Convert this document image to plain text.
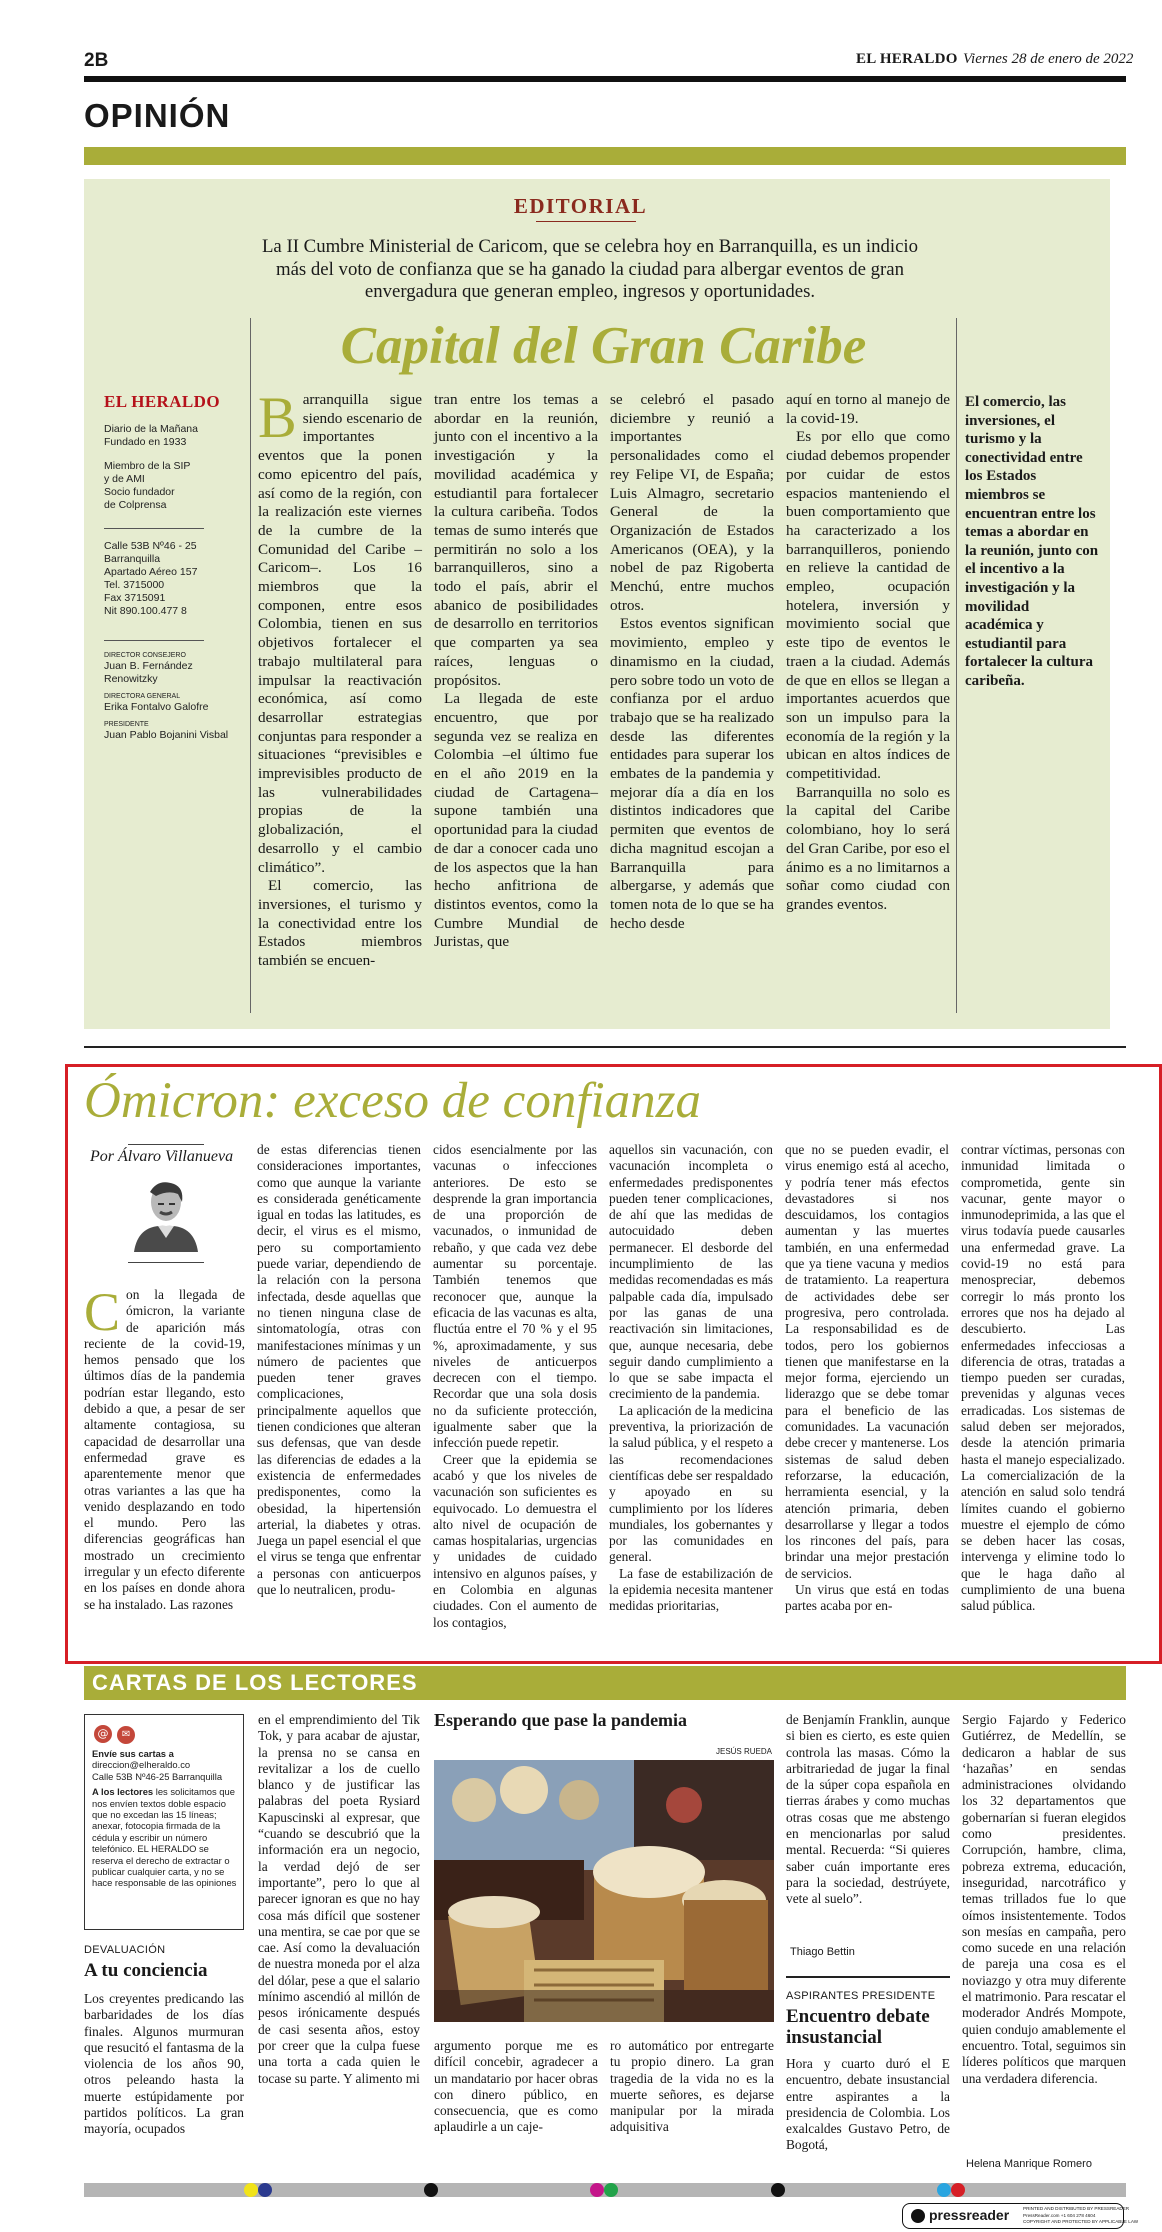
2B	EL HERALDO Viernes 28 de enero de 2022
OPINIÓN
EDITORIAL
La II Cumbre Ministerial de Caricom, que se celebra hoy en Barranquilla, es un indicio más del voto de confianza que se ha ganado la ciudad para albergar eventos de gran envergadura que generan empleo, ingresos y oportunidades.
Capital del Gran Caribe
EL HERALDO
Diario de la Mañana
Fundado en 1933
Miembro de la SIP
y de AMI
Socio fundador
de Colprensa
Calle 53B Nº46 - 25
Barranquilla
Apartado Aéreo 157
Tel. 3715000
Fax 3715091
Nit 890.100.477 8
DIRECTOR CONSEJERO
Juan B. Fernández Renowitzky
DIRECTORA GENERAL
Erika Fontalvo Galofre
PRESIDENTE
Juan Pablo Bojanini Visbal
B arranquilla sigue siendo escenario de importantes eventos que la ponen como epicentro del país, así como de la región, con la realización este viernes de la cumbre de la Comunidad del Caribe –Caricom–. Los 16 miembros que la componen, entre esos Colombia, tienen en sus objetivos fortalecer el trabajo multilateral para impulsar la reactivación económica, así como desarrollar estrategias conjuntas para responder a situaciones “previsibles e imprevisibles producto de las vulnerabilidades propias de la globalización, el desarrollo y el cambio climático”.

El comercio, las inversiones, el turismo y la conectividad entre los Estados miembros también se encuen-

tran entre los temas a abordar en la reunión, junto con el incentivo a la investigación y la movilidad académica y estudiantil para fortalecer la cultura caribeña. Todos temas de sumo interés que permitirán no solo a los barranquilleros, sino a todo el país, abrir el abanico de posibilidades de desarrollo en territorios que comparten ya sea raíces, lenguas o propósitos.

La llegada de este encuentro, que por segunda vez se realiza en Colombia –el último fue en el año 2019 en la ciudad de Cartagena– supone también una oportunidad para la ciudad de dar a conocer cada uno de los aspectos que la han hecho anfitriona de distintos eventos, como la Cumbre Mundial de Juristas, que

se celebró el pasado diciembre y reunió a importantes personalidades como el rey Felipe VI, de España; Luis Almagro, secretario General de la Organización de Estados Americanos (OEA), y la nobel de paz Rigoberta Menchú, entre muchos otros.

Estos eventos significan movimiento, empleo y dinamismo en la ciudad, pero sobre todo un voto de confianza por el arduo trabajo que se ha realizado desde las diferentes entidades para superar los embates de la pandemia y mejorar día a día en los distintos indicadores que permiten que eventos de dicha magnitud escojan a Barranquilla para albergarse, y además que tomen nota de lo que se ha hecho desde

aquí en torno al manejo de la covid-19.

Es por ello que como ciudad debemos propender por cuidar de estos espacios manteniendo el buen comportamiento que ha caracterizado a los barranquilleros, poniendo en relieve la cantidad de empleo, ocupación hotelera, inversión y movimiento social que este tipo de eventos le traen a la ciudad. Además de que en ellos se llegan a importantes acuerdos que son un impulso para la economía de la región y la ubican en altos índices de competitividad.

Barranquilla no solo es la capital del Caribe colombiano, hoy lo será del Gran Caribe, por eso el ánimo es a no limitarnos a soñar como ciudad con grandes eventos.

El comercio, las inversiones, el turismo y la conectividad entre los Estados miembros se encuentran entre los temas a abordar en la reunión, junto con el incentivo a la investigación y la movilidad académica y estudiantil para fortalecer la cultura caribeña.
Ómicron: exceso de confianza
Por Álvaro Villanueva
C on la llegada de ómicron, la variante de aparición más reciente de la covid-19, hemos pensado que los últimos días de la pandemia podrían estar llegando, esto debido a que, a pesar de ser altamente contagiosa, su capacidad de desarrollar una enfermedad grave es aparentemente menor que otras variantes a las que ha venido desplazando en todo el mundo. Pero las diferencias geográficas han mostrado un crecimiento irregular y un efecto diferente en los países en donde ahora se ha instalado. Las razones

de estas diferencias tienen consideraciones importantes, como que aunque la variante es considerada genéticamente igual en todas las latitudes, es decir, el virus es el mismo, pero su comportamiento puede variar, dependiendo de la relación con la persona infectada, desde aquellas que no tienen ninguna clase de sintomatología, otras con manifestaciones mínimas y un número de pacientes que pueden tener graves complicaciones, principalmente aquellos que tienen condiciones que alteran sus defensas, que van desde las diferencias de edades a la existencia de enfermedades predisponentes, como la obesidad, la hipertensión arterial, la diabetes y otras. Juega un papel esencial el que el virus se tenga que enfrentar a personas con anticuerpos que lo neutralicen, produ-

cidos esencialmente por las vacunas o infecciones anteriores. De esto se desprende la gran importancia de una proporción de vacunados, o inmunidad de rebaño, y que cada vez debe aumentar su porcentaje. También tenemos que reconocer que, aunque la eficacia de las vacunas es alta, fluctúa entre el 70 % y el 95 %, aproximadamente, y sus niveles de anticuerpos decrecen con el tiempo. Recordar que una sola dosis no da suficiente protección, igualmente saber que la infección puede repetir.

Creer que la epidemia se acabó y que los niveles de vacunación son suficientes es equivocado. Lo demuestra el alto nivel de ocupación de camas hospitalarias, urgencias y unidades de cuidado intensivo en algunos países, y en Colombia en algunas ciudades. Con el aumento de los contagios,

aquellos sin vacunación, con vacunación incompleta o enfermedades predisponentes pueden tener complicaciones, de ahí que las medidas de autocuidado deben permanecer. El desborde del incumplimiento de las medidas recomendadas es más palpable cada día, impulsado por las ganas de una reactivación sin limitaciones, que, aunque necesaria, debe seguir dando cumplimiento a lo que se sabe impacta el crecimiento de la pandemia.

La aplicación de la medicina preventiva, la priorización de la salud pública, y el respeto a las recomendaciones científicas debe ser respaldado y apoyado en su cumplimiento por los líderes mundiales, los gobernantes y por las comunidades en general.

La fase de estabilización de la epidemia necesita mantener medidas prioritarias,

que no se pueden evadir, el virus enemigo está al acecho, y podría tener más efectos devastadores si nos descuidamos, los contagios aumentan y las muertes también, en una enfermedad que ya tiene vacuna y medios de tratamiento. La reapertura de actividades debe ser progresiva, pero controlada. La responsabilidad es de todos, pero los gobiernos tienen que manifestarse en la mejor forma, ejerciendo un liderazgo que se debe tomar para el beneficio de las comunidades. La vacunación debe crecer y mantenerse. Los sistemas de salud deben reforzarse, la educación, herramienta esencial, y la atención primaria, deben desarrollarse y llegar a todos los rincones del país, para brindar una mejor prestación de servicios.

Un virus que está en todas partes acaba por en-

contrar víctimas, personas con inmunidad limitada o comprometida, gente sin vacunar, gente mayor o inmunodeprimida, a las que el virus todavía puede causarles una enfermedad grave. La covid-19 no está para menospreciar, debemos corregir lo más pronto los errores que nos ha dejado al descubierto. Las enfermedades infecciosas a diferencia de otras, tratadas a tiempo pueden ser curadas, prevenidas y algunas veces erradicadas. Los sistemas de salud deben ser mejorados, desde la atención primaria hasta el manejo especializado. La comercialización de la atención en salud solo tendrá límites cuando el gobierno muestre el ejemplo de cómo se deben hacer las cosas, intervenga y elimine todo lo que le haga daño al cumplimiento de una buena salud pública.

CARTAS DE LOS LECTORES
@ ✉
Envíe sus cartas a
direccion@elheraldo.co
Calle 53B Nº46-25 Barranquilla
A los lectores les solicitamos que nos envíen textos doble espacio que no excedan las 15 líneas; anexar, fotocopia firmada de la cédula y escribir un número telefónico. EL HERALDO se reserva el derecho de extractar o publicar cualquier carta, y no se hace responsable de las opiniones
DEVALUACIÓN
A tu conciencia

Los creyentes predicando las barbaridades de los días finales. Algunos murmuran que resucitó el fantasma de la violencia de los años 90, otros peleando hasta la muerte estúpidamente por partidos políticos. La gran mayoría, ocupados

en el emprendimiento del Tik Tok, y para acabar de ajustar, la prensa no se cansa en revitalizar a los de cuello blanco y de justificar las palabras del poeta Rysiard Kapuscinski al expresar, que “cuando se descubrió que la información era un negocio, la verdad dejó de ser importante”, pero lo que al parecer ignoran es que no hay cosa más difícil que sostener una mentira, se cae por que se cae. Así como la devaluación de nuestra moneda por el alza del dólar, pese a que el salario mínimo ascendió al millón de pesos irónicamente después de casi sesenta años, estoy por creer que la culpa fuese una torta a cada quien le tocase su parte. Y alimento mi

Esperando que pase la pandemia
JESÚS RUEDA

argumento porque me es difícil concebir, agradecer a un mandatario por hacer obras con dinero público, en consecuencia, que es como aplaudirle a un caje-

ro automático por entregarte tu propio dinero. La gran tragedia de la vida no es la muerte señores, es dejarse manipular por la mirada adquisitiva

de Benjamín Franklin, aunque si bien es cierto, es este quien controla las masas. Cómo la arbitrariedad de jugar la final de la súper copa española en tierras árabes y como muchas otras cosas que me abstengo en mencionarlas por salud mental. Recuerda: “Si quieres saber cuán importante eres para la sociedad, destrúyete, vete al suelo”.

Thiago Bettin
ASPIRANTES PRESIDENTE
Encuentro debate insustancial

Hora y cuarto duró el E encuentro, debate insustancial entre aspirantes a la presidencia de Colombia. Los exalcaldes Gustavo Petro, de Bogotá,

Sergio Fajardo y Federico Gutiérrez, de Medellín, se dedicaron a hablar de sus ‘hazañas’ en sendas administraciones olvidando los 32 departamentos que gobernarían si fueran elegidos como presidentes. Corrupción, hambre, clima, pobreza extrema, educación, inseguridad, narcotráfico y temas trillados fue lo que oímos insistentemente. Todos son mesías en campaña, pero como sucede en una relación de pareja una cosa es el noviazgo y otra muy diferente el matrimonio. Para rescatar el moderador Andrés Mompote, quien condujo amablemente el encuentro. Total, seguimos sin líderes políticos que marquen una verdadera diferencia.

Helena Manrique Romero
pressreader	PRINTED AND DISTRIBUTED BY PRESSREADER
PressReader.com +1 604 278 4604
COPYRIGHT AND PROTECTED BY APPLICABLE LAW
